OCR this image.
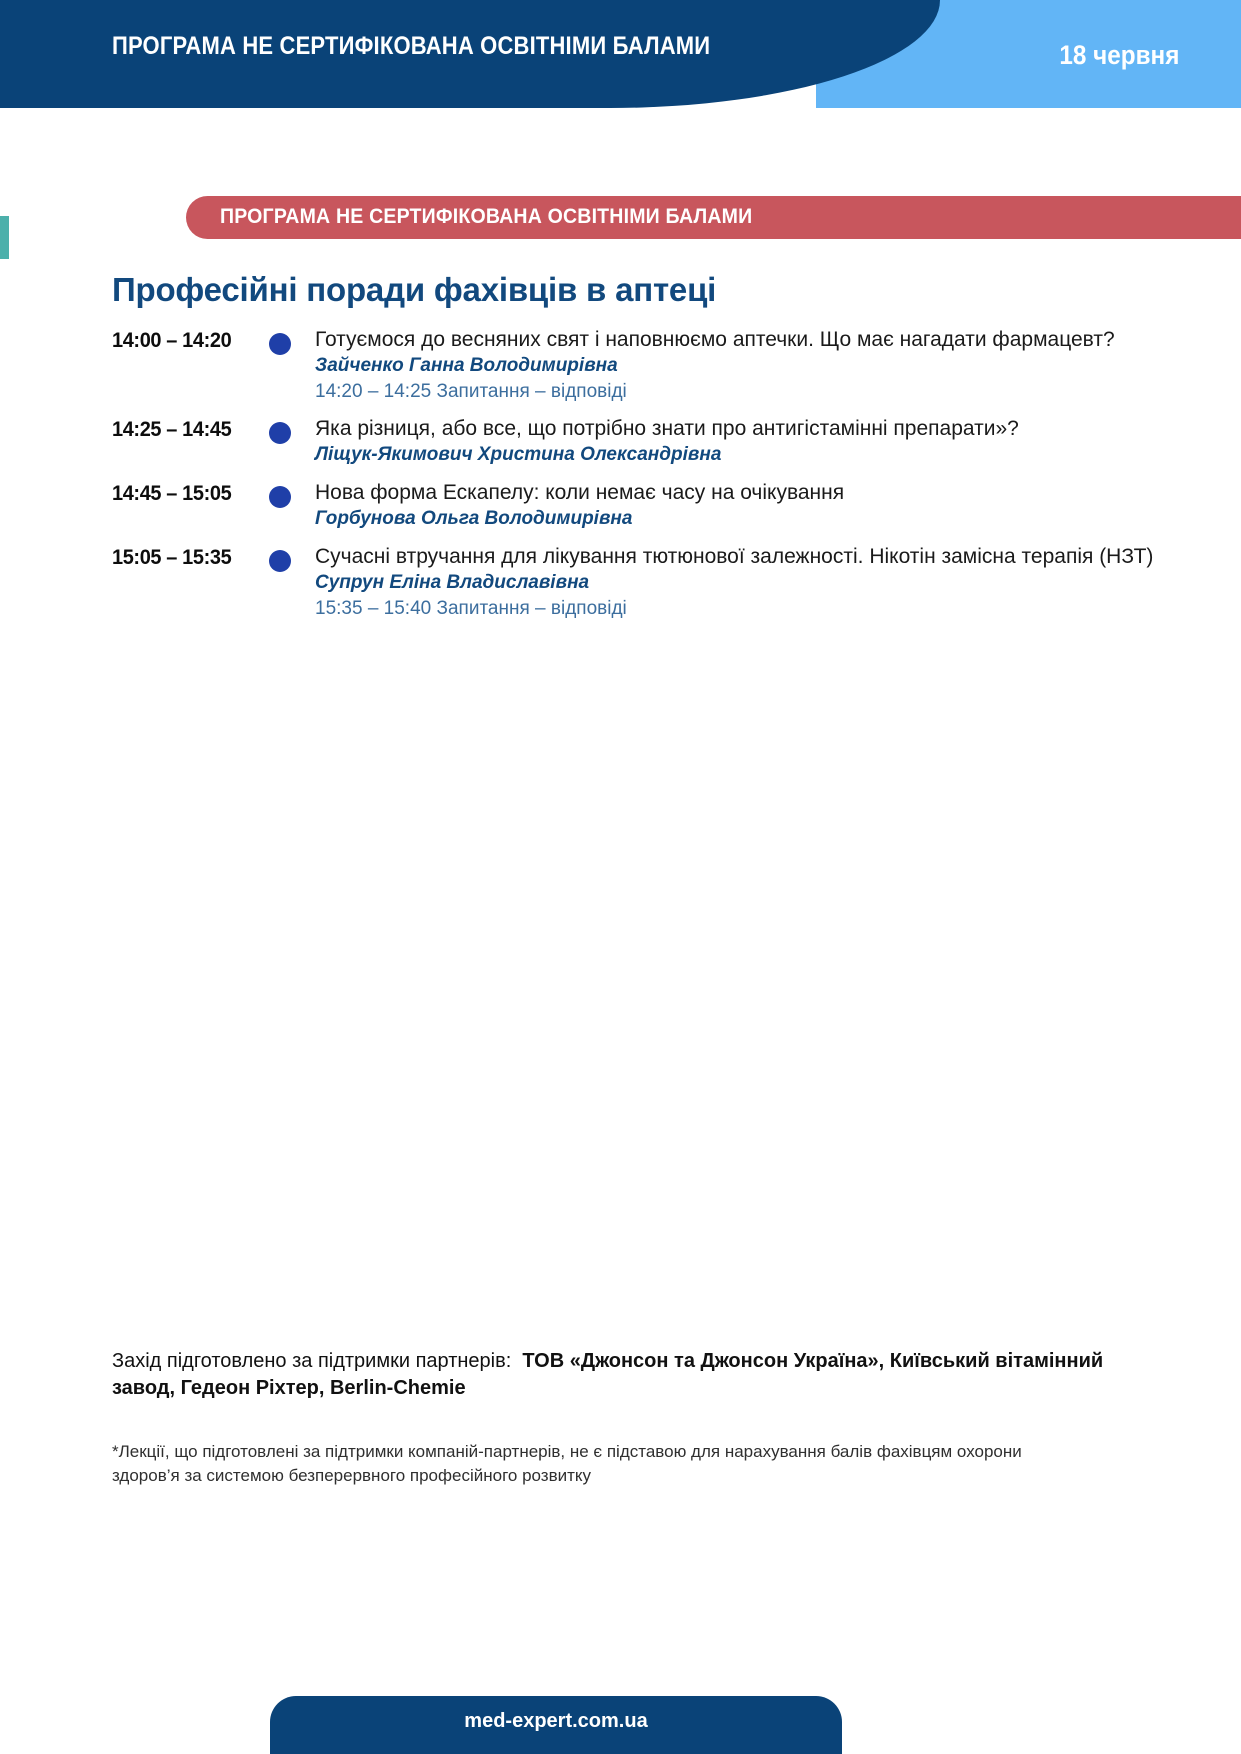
ПРОГРАМА НЕ СЕРТИФІКОВАНА ОСВІТНІМИ БАЛАМИ	18 червня
ПРОГРАМА НЕ СЕРТИФІКОВАНА ОСВІТНІМИ БАЛАМИ
Професійні поради фахівців в аптеці
14:00 – 14:20	Готуємося до весняних свят і наповнюємо аптечки. Що має нагадати фармацевт?
Зайченко Ганна Володимирівна
14:20 – 14:25 Запитання – відповіді
14:25 – 14:45	Яка різниця, або все, що потрібно знати про антигістамінні препарати»?
Ліщук-Якимович Христина Олександрівна
14:45 – 15:05	Нова форма Ескапелу: коли немає часу на очікування
Горбунова Ольга Володимирівна
15:05 – 15:35	Сучасні втручання для лікування тютюнової залежності. Нікотін замісна терапія (НЗТ)
Супрун Еліна Владиславівна
15:35 – 15:40 Запитання – відповіді
Захід підготовлено за підтримки партнерів: ТОВ «Джонсон та Джонсон Україна», Київський вітамінний завод, Гедеон Ріхтер, Berlin-Chemie
*Лекції, що підготовлені за підтримки компаній-партнерів, не є підставою для нарахування балів фахівцям охорони здоров’я за системою безперервного професійного розвитку
med-expert.com.ua
